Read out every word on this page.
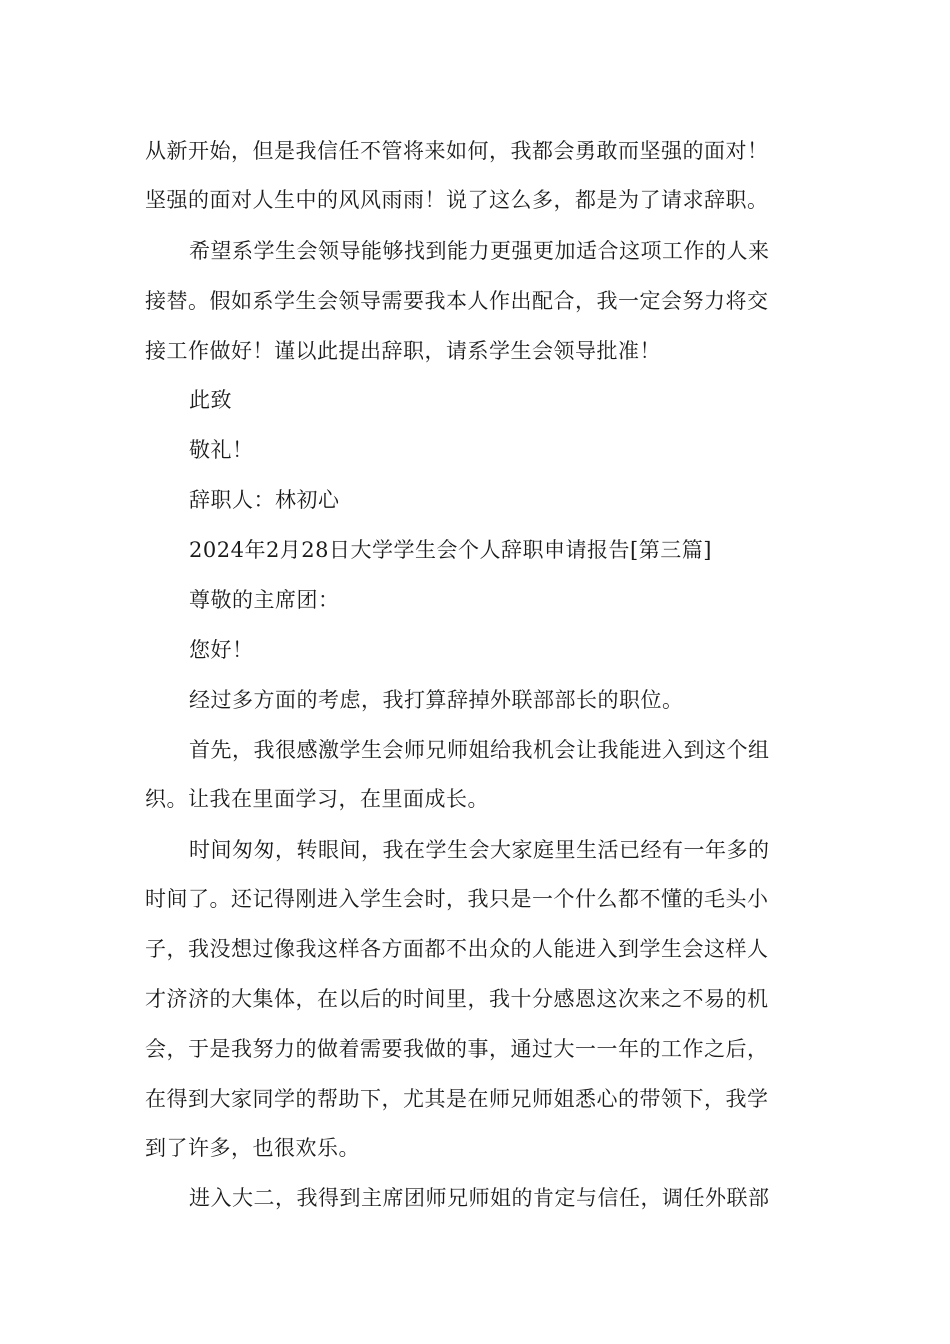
从新开始，但是我信任不管将来如何，我都会勇敢而坚强的面对！
坚强的面对人生中的风风雨雨！说了这么多，都是为了请求辞职。
希望系学生会领导能够找到能力更强更加适合这项工作的人来
接替。假如系学生会领导需要我本人作出配合，我一定会努力将交
接工作做好！谨以此提出辞职，请系学生会领导批准！
此致
敬礼！
辞职人：林初心
2024年2月28日大学学生会个人辞职申请报告[第三篇]
尊敬的主席团：
您好！
经过多方面的考虑，我打算辞掉外联部部长的职位。
首先，我很感激学生会师兄师姐给我机会让我能进入到这个组
织。让我在里面学习，在里面成长。
时间匆匆，转眼间，我在学生会大家庭里生活已经有一年多的
时间了。还记得刚进入学生会时，我只是一个什么都不懂的毛头小
子，我没想过像我这样各方面都不出众的人能进入到学生会这样人
才济济的大集体，在以后的时间里，我十分感恩这次来之不易的机
会，于是我努力的做着需要我做的事，通过大一一年的工作之后，
在得到大家同学的帮助下，尤其是在师兄师姐悉心的带领下，我学
到了许多，也很欢乐。
进入大二，我得到主席团师兄师姐的肯定与信任，调任外联部
